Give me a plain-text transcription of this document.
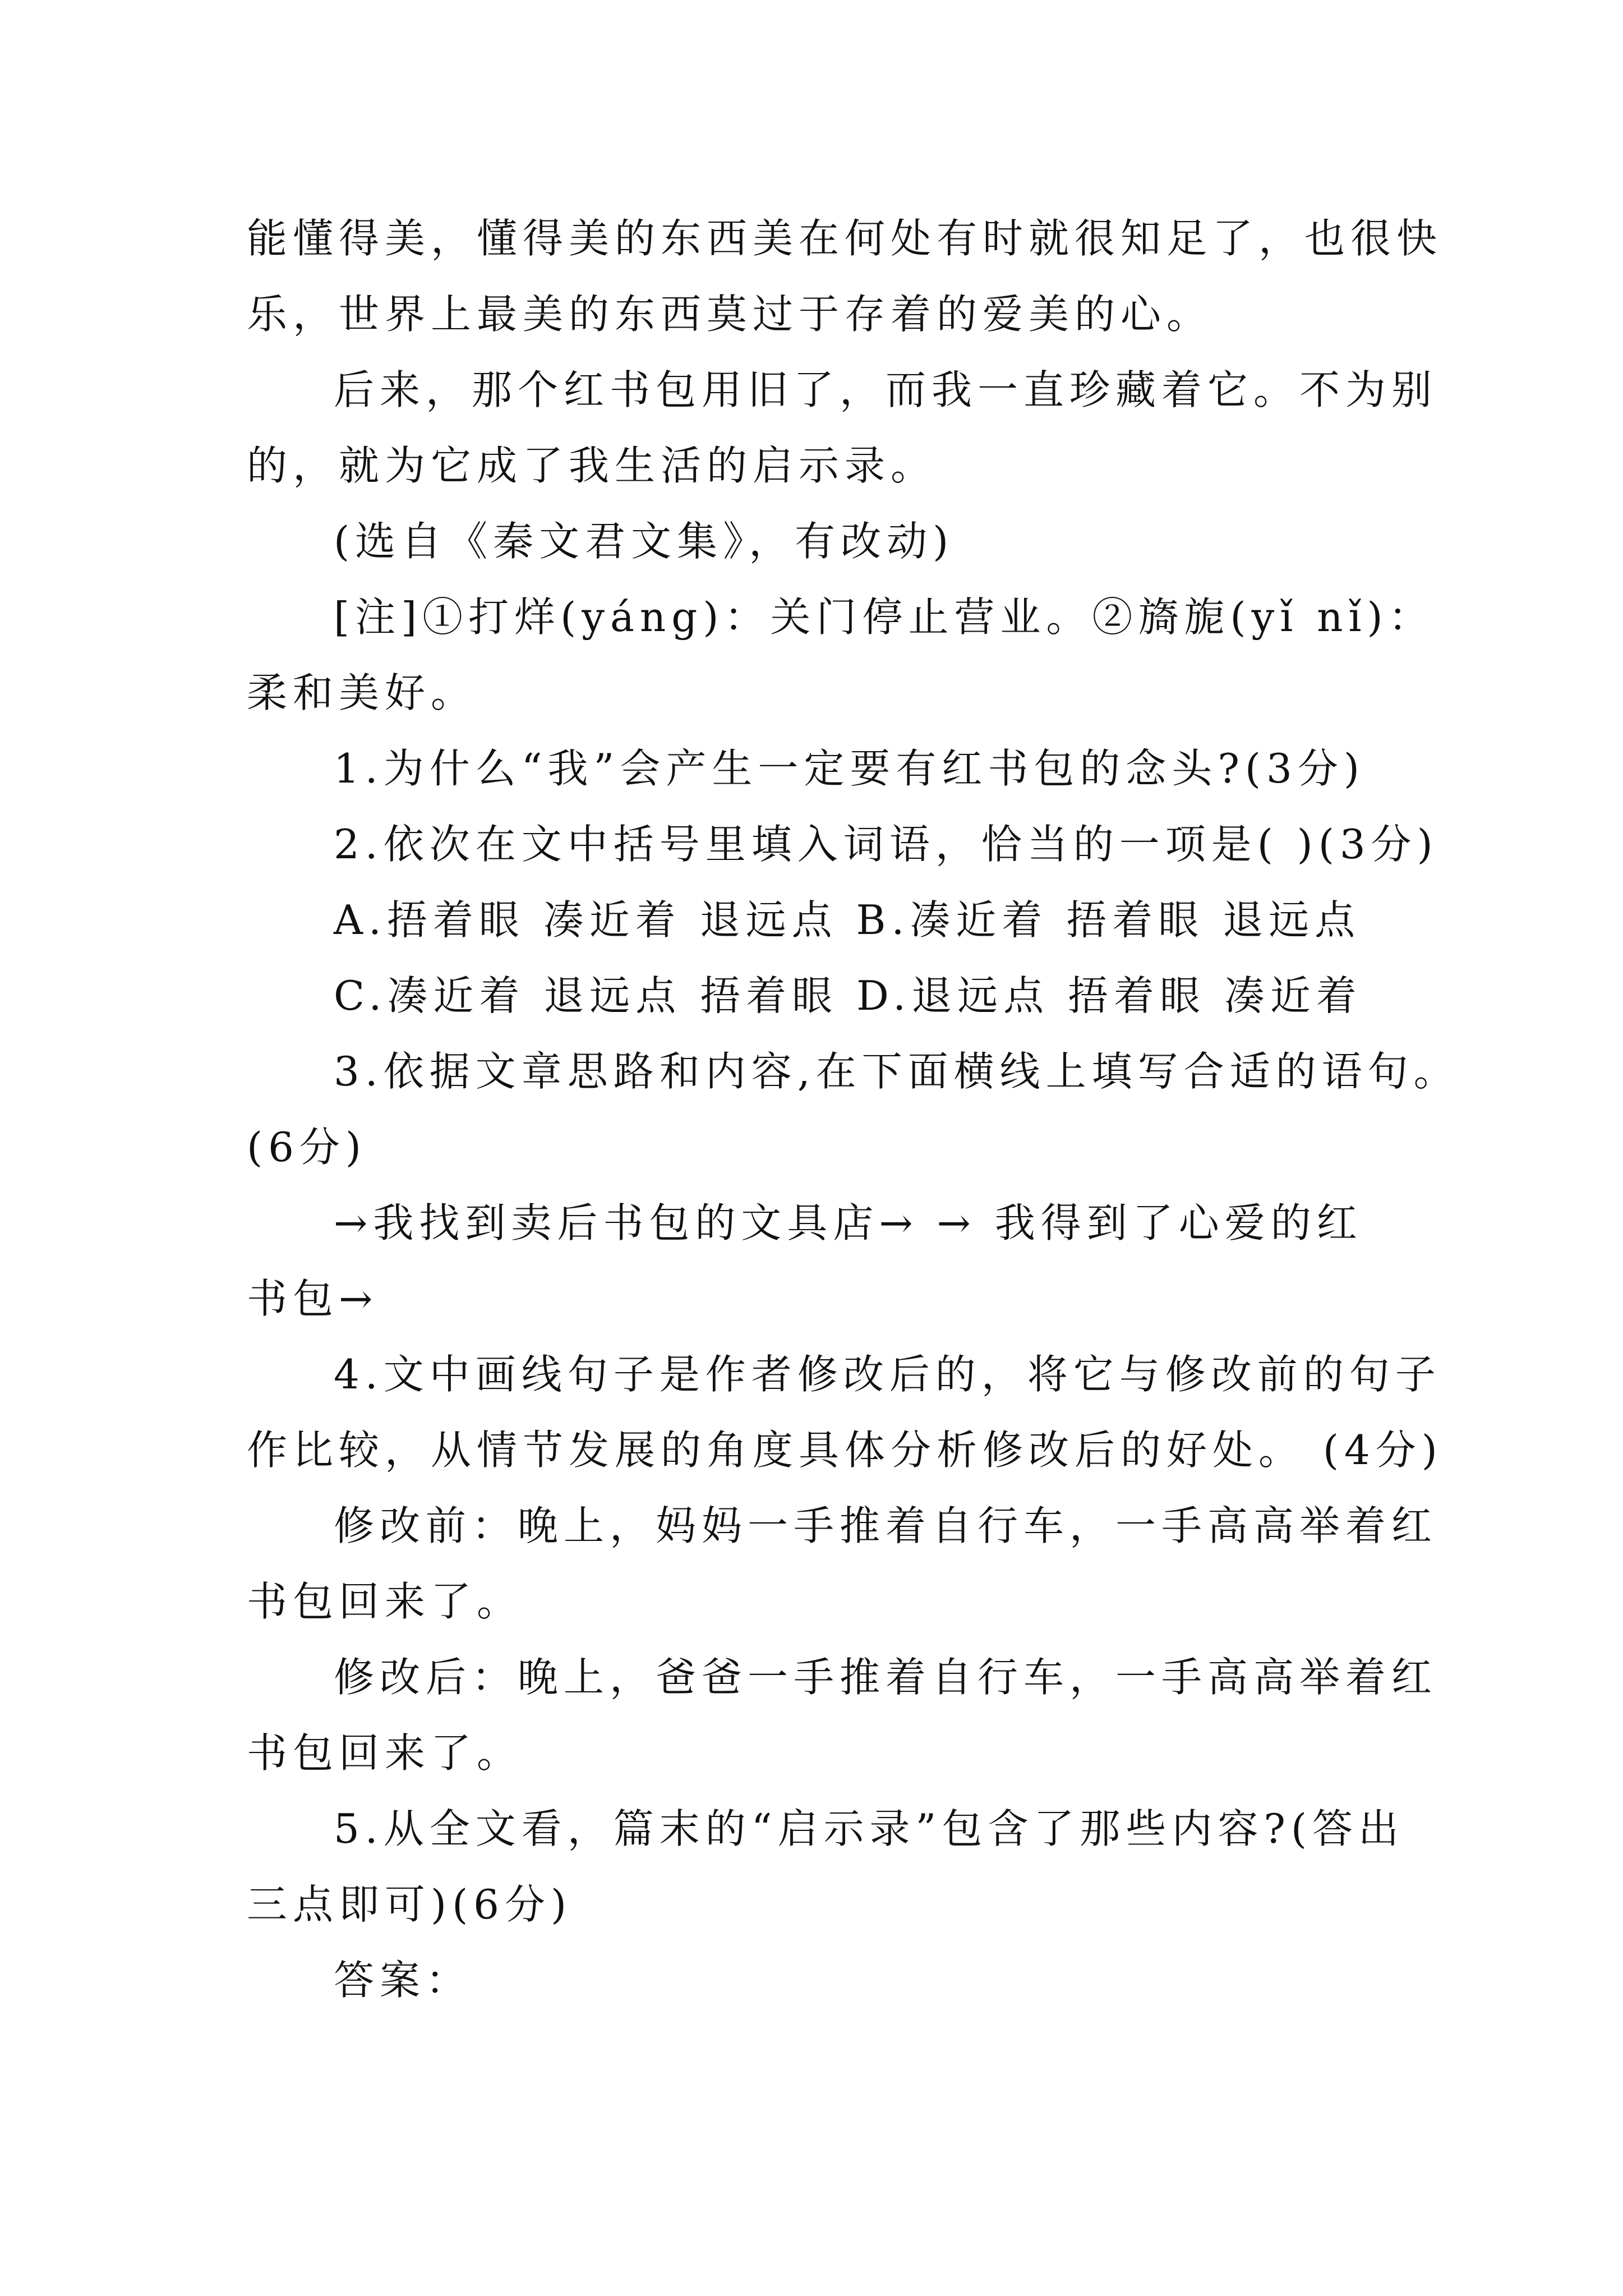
能懂得美，懂得美的东西美在何处有时就很知足了，也很快
乐，世界上最美的东西莫过于存着的爱美的心。
后来，那个红书包用旧了，而我一直珍藏着它。不为别
的，就为它成了我生活的启示录。
(选自《秦文君文集》，有改动)
[注]①打烊(yáng)：关门停止营业。②旖旎(yǐ nǐ)：
柔和美好。
1.为什么“我”会产生一定要有红书包的念头?(3分)
2.依次在文中括号里填入词语，恰当的一项是( )(3分)
A.捂着眼 凑近着 退远点 B.凑近着 捂着眼 退远点
C.凑近着 退远点 捂着眼 D.退远点 捂着眼 凑近着
3.依据文章思路和内容,在下面横线上填写合适的语句。
(6分)
→我找到卖后书包的文具店→ → 我得到了心爱的红
书包→
4.文中画线句子是作者修改后的，将它与修改前的句子
作比较，从情节发展的角度具体分析修改后的好处。 (4分)
修改前：晚上，妈妈一手推着自行车，一手高高举着红
书包回来了。
修改后：晚上，爸爸一手推着自行车，一手高高举着红
书包回来了。
5.从全文看，篇末的“启示录”包含了那些内容?(答出
三点即可)(6分)
答案：
